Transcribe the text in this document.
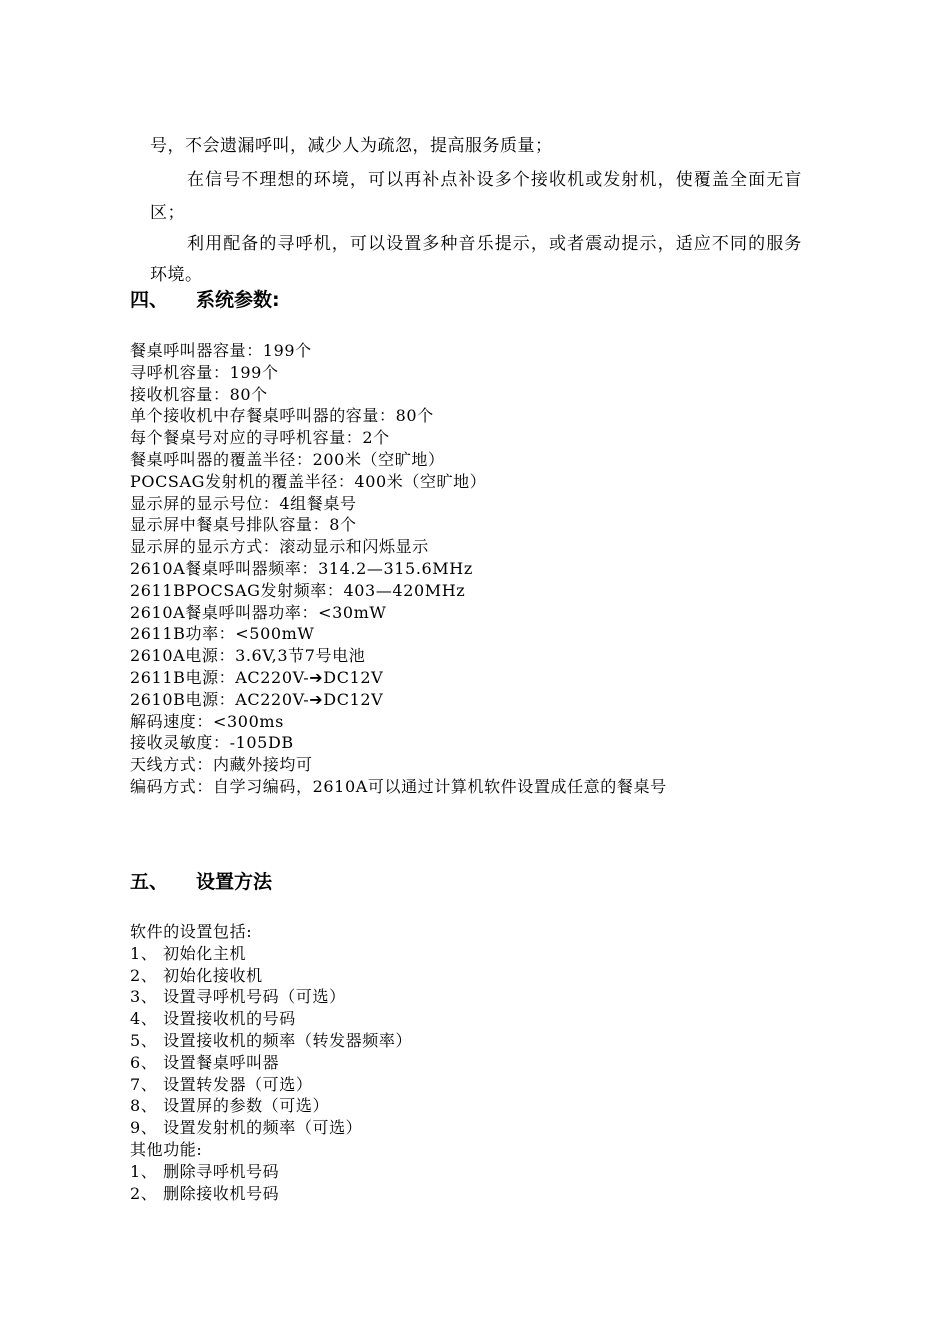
号，不会遗漏呼叫，减少人为疏忽，提高服务质量；
在信号不理想的环境，可以再补点补设多个接收机或发射机，使覆盖全面无盲
区；
利用配备的寻呼机，可以设置多种音乐提示，或者震动提示，适应不同的服务
环境。
四、 系统参数:
餐桌呼叫器容量：199个
寻呼机容量：199个
接收机容量：80个
单个接收机中存餐桌呼叫器的容量：80个
每个餐桌号对应的寻呼机容量：2个
餐桌呼叫器的覆盖半径：200米（空旷地）
POCSAG发射机的覆盖半径：400米（空旷地）
显示屏的显示号位：4组餐桌号
显示屏中餐桌号排队容量：8个
显示屏的显示方式：滚动显示和闪烁显示
2610A餐桌呼叫器频率：314.2—315.6MHz
2611BPOCSAG发射频率：403—420MHz
2610A餐桌呼叫器功率：<30mW
2611B功率：<500mW
2610A电源：3.6V,3节7号电池
2611B电源：AC220V-➔DC12V
2610B电源：AC220V-➔DC12V
解码速度：<300ms
接收灵敏度：-105DB
天线方式：内藏外接均可
编码方式：自学习编码，2610A可以通过计算机软件设置成任意的餐桌号
五、 设置方法
软件的设置包括:
1、 初始化主机
2、 初始化接收机
3、 设置寻呼机号码（可选）
4、 设置接收机的号码
5、 设置接收机的频率（转发器频率）
6、 设置餐桌呼叫器
7、 设置转发器（可选）
8、 设置屏的参数（可选）
9、 设置发射机的频率（可选）
其他功能:
1、 删除寻呼机号码
2、 删除接收机号码
